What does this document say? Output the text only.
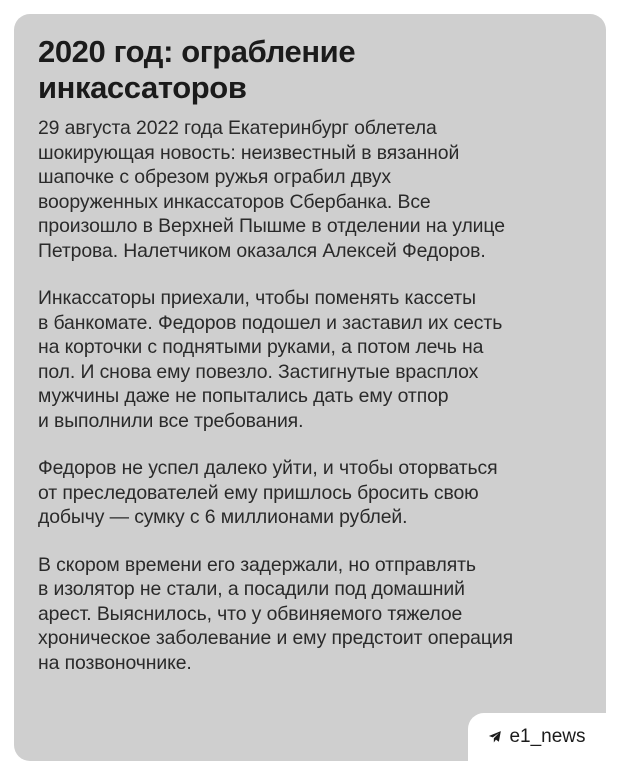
2020 год: ограбление инкассаторов

29 августа 2022 года Екатеринбург облетела
шокирующая новость: неизвестный в вязанной
шапочке с обрезом ружья ограбил двух
вооруженных инкассаторов Сбербанка. Все
произошло в Верхней Пышме в отделении на улице
Петрова. Налетчиком оказался Алексей Федоров.

Инкассаторы приехали, чтобы поменять кассеты
в банкомате. Федоров подошел и заставил их сесть
на корточки с поднятыми руками, а потом лечь на
пол. И снова ему повезло. Застигнутые врасплох
мужчины даже не попытались дать ему отпор
и выполнили все требования.

Федоров не успел далеко уйти, и чтобы оторваться
от преследователей ему пришлось бросить свою
добычу — сумку с 6 миллионами рублей.

В скором времени его задержали, но отправлять
в изолятор не стали, а посадили под домашний
арест. Выяснилось, что у обвиняемого тяжелое
хроническое заболевание и ему предстоит операция
на позвоночнике.

e1_news
